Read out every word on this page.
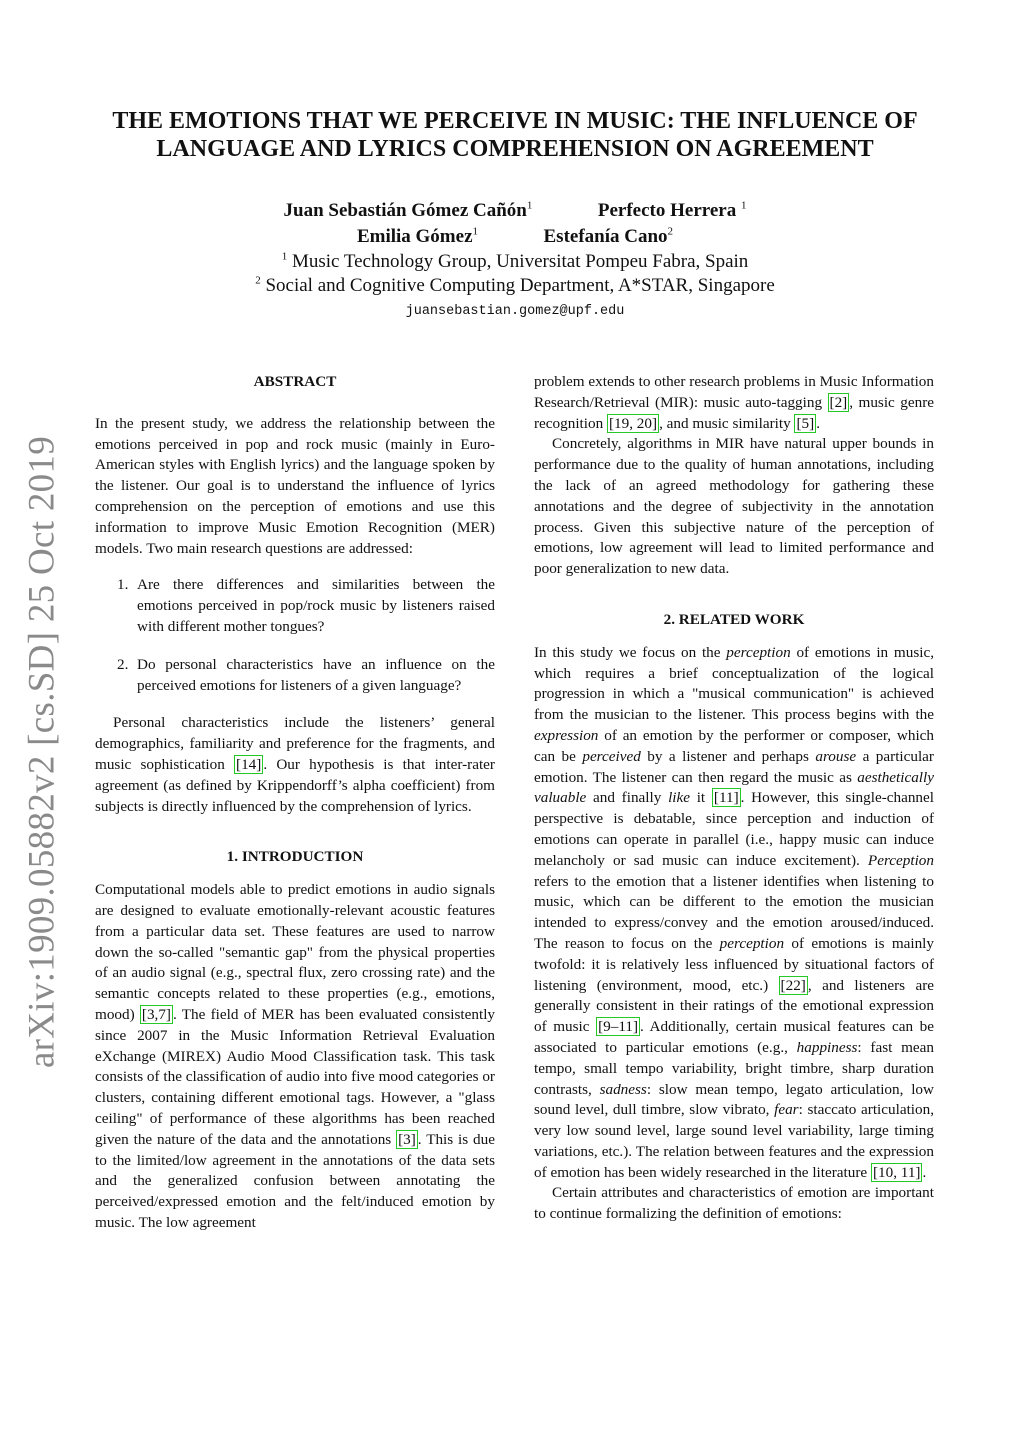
arXiv:1909.05882v2 [cs.SD] 25 Oct 2019
THE EMOTIONS THAT WE PERCEIVE IN MUSIC: THE INFLUENCE OF LANGUAGE AND LYRICS COMPREHENSION ON AGREEMENT
Juan Sebastián Gómez Cañón$^1$	Perfecto Herrera $^1$
Emilia Gómez$^1$	Estefanía Cano$^2$
$^1$ Music Technology Group, Universitat Pompeu Fabra, Spain
$^2$ Social and Cognitive Computing Department, A*STAR, Singapore
juansebastian.gomez@upf.edu
ABSTRACT

In the present study, we address the relationship between the emotions perceived in pop and rock music (mainly in Euro-American styles with English lyrics) and the language spoken by the listener. Our goal is to understand the influence of lyrics comprehension on the perception of emotions and use this information to improve Music Emotion Recognition (MER) models. Two main research questions are addressed:

1. Are there differences and similarities between the emotions perceived in pop/rock music by listeners raised with different mother tongues?
2. Do personal characteristics have an influence on the perceived emotions for listeners of a given language?

Personal characteristics include the listeners’ general demographics, familiarity and preference for the fragments, and music sophistication [14] . Our hypothesis is that inter-rater agreement (as defined by Krippendorff’s alpha coefficient) from subjects is directly influenced by the comprehension of lyrics.

1. INTRODUCTION

Computational models able to predict emotions in audio signals are designed to evaluate emotionally-relevant acoustic features from a particular data set. These features are used to narrow down the so-called "semantic gap" from the physical properties of an audio signal (e.g., spectral flux, zero crossing rate) and the semantic concepts related to these properties (e.g., emotions, mood) [3,7] . The field of MER has been evaluated consistently since 2007 in the Music Information Retrieval Evaluation eXchange (MIREX) Audio Mood Classification task. This task consists of the classification of audio into five mood categories or clusters, containing different emotional tags. However, a "glass ceiling" of performance of these algorithms has been reached given the nature of the data and the annotations [3] . This is due to the limited/low agreement in the annotations of the data sets and the generalized confusion between annotating the perceived/expressed emotion and the felt/induced emotion by music. The low agreement

problem extends to other research problems in Music Information Research/Retrieval (MIR): music auto-tagging [2] , music genre recognition [19, 20] , and music similarity [5] .

Concretely, algorithms in MIR have natural upper bounds in performance due to the quality of human annotations, including the lack of an agreed methodology for gathering these annotations and the degree of subjectivity in the annotation process. Given this subjective nature of the perception of emotions, low agreement will lead to limited performance and poor generalization to new data.

2. RELATED WORK

In this study we focus on the perception of emotions in music, which requires a brief conceptualization of the logical progression in which a "musical communication" is achieved from the musician to the listener. This process begins with the expression of an emotion by the performer or composer, which can be perceived by a listener and perhaps arouse a particular emotion. The listener can then regard the music as aesthetically valuable and finally like it [11] . However, this single-channel perspective is debatable, since perception and induction of emotions can operate in parallel (i.e., happy music can induce melancholy or sad music can induce excitement). Perception refers to the emotion that a listener identifies when listening to music, which can be different to the emotion the musician intended to express/convey and the emotion aroused/induced. The reason to focus on the perception of emotions is mainly twofold: it is relatively less influenced by situational factors of listening (environment, mood, etc.) [22] , and listeners are generally consistent in their ratings of the emotional expression of music [9–11] . Additionally, certain musical features can be associated to particular emotions (e.g., happiness: fast mean tempo, small tempo variability, bright timbre, sharp duration contrasts, sadness: slow mean tempo, legato articulation, low sound level, dull timbre, slow vibrato, fear: staccato articulation, very low sound level, large sound level variability, large timing variations, etc.). The relation between features and the expression of emotion has been widely researched in the literature [10, 11] .

Certain attributes and characteristics of emotion are important to continue formalizing the definition of emotions:
